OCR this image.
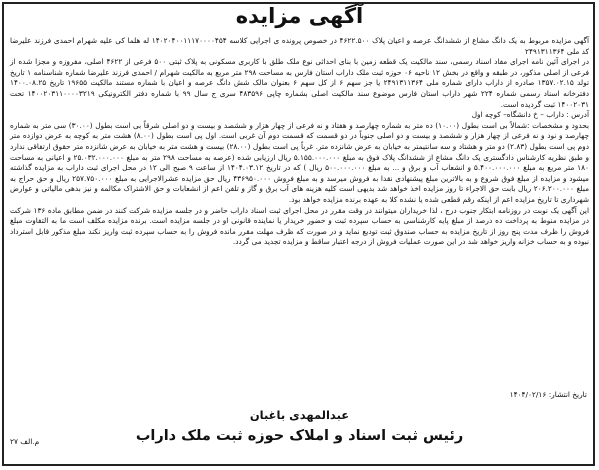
آگهی مزایده

آگهی مزایده مربوط به یک دانگ مشاع از ششدانگ عرصه و اعیان پلاک ۴۶۲۲.۵۰۰ در خصوص پرونده ی اجرایی کلاسه ۱۴۰۲۰۴۰۰۱۱۱۷۰۰۰۰۴۵۴ له هلما کی علیه شهرام احمدی فرزند علیرضا کد ملی ۲۴۹۱۳۱۱۳۶۴

در اجرای آئین نامه اجرای مفاد اسناد رسمی، سند مالکیت یک قطعه زمین با بنای احداثی نوع ملک طلق با کاربری مسکونی به پلاک ثبتی ۵۰۰ فرعی از ۴۶۲۲ اصلی، مفروزه و مجزا شده از فرعی از اصلی مذکور، در طبقه و واقع در بخش ۱۲ ناحیه ۰۶ حوزه ثبت ملک داراب استان فارس به مساحت ۲۹۸ متر مربع به مالکیت شهرام / احمدی فرزند علیرضا شماره شناسنامه ۱ تاریخ تولد ۱۳۵۷.۰۲.۱۵ صادره از داراب دارای شماره ملی ۲۴۹۱۳۱۱۳۶۴ یا جز سهم ۶ از کل سهم ۶ بعنوان مالک شش دانگ عرصه و اعیان با شماره مستند مالکیت ۱۹۶۵۵ تاریخ ۱۴۰۰.۰۸.۲۵ دفترخانه اسناد رسمی شماره ۲۲۴ شهر داراب استان فارس موضوع سند مالکیت اصلی بشماره چاپی ۴۸۳۵۹۶ سری ج سال ۹۹ با شماره دفتر الکترونیکی ۱۴۰۰۲۰۳۱۱۰۰۰۰۳۲۱۹ تحت ۱۴۰۰۲۰۳۱ ثبت گردیده است.

آدرس : داراب – خ دانشگاه– کوچه اول

بحدود و مشخصات :شمالاً بی است بطول (۱۰.۰۰) ده متر به شماره چهارصد و هفتاد و نه فرعی از چهار هزار و ششصد و بیست و دو اصلی شرقاً بی است بطول (۳۰.۰۰) سی متر به شماره چهارصد و نود و نه فرعی از چهار هزار و ششصد و بیست و دو اصلی جنوباً در دو قسمت که قسمت دوم آن غربی است. اول پی است بطول (۸.۰۰) هشت متر به کوچه به عرض دوازده متر دوم پی است بطول (۲.۸۳) دو متر و هشتاد و سه سانتیمتر به خیابان به عرض شانزده متر. غرباً پی است بطول (۲۸.۰۰) بیست و هشت متر به خیابان به عرض شانزده متر حقوق ارتفاقی ندارد و طبق نظریه کارشناس دادگستری یک دانگ مشاع از ششدانگ پلاک فوق به مبلغ ۵.۱۵۵.۰۰۰.۰۰۰ ریال ارزیابی شده (عرصه به مساحت ۲۹۸ متر به مبلغ ۲۵.۰۳۲.۰۰۰.۰۰۰ و اعیانی به مساحت ۱۸۰ متر مربع به مبلغ ۵.۴۰۰.۰۰۰.۰۰۰ و انشعاب آب و برق و ... به مبلغ ۵۰۰.۰۰۰.۰۰۰ ریال ) که در تاریخ ۱۴۰۴.۰۳.۱۲ از ساعت ۹ صبح الی ۱۲ در محل اجرای ثبت داراب به مزایده گذاشته میشود و مزایده از مبلغ فوق شروع و به بالاترین مبلغ پیشنهادی نقدا به فروش میرسد و به مبلغ فروش ۴۳۶۹۵۰.۰۰۰ ریال حق مزایده عشرالاجرایی به مبلغ ۲۵۷.۷۵۰.۰۰۰ ریال و حق حراج به مبلغ ۲۰۶.۲۰۰.۰۰۰ ریال بابت حق الاجراء تا روز مزایده اخذ خواهد شد بدیهی است کلیه هزینه های آب برق و گاز و تلفن اعم از انشعابات و حق الاشتراک مکالمه و نیز بدهی مالیاتی و عوارض شهرداری تا تاریخ مزایده اعم از اینکه رقم قطعی شده یا نشده کلا به عهده برنده مزایده خواهد بود.

این آگهی یک نوبت در روزنامه ابتکار جنوب درج ، لذا خریداران میتوانند در وقت مقرر در محل اجرای ثبت اسناد داراب حاضر و در جلسه مزایده شرکت کنند در ضمن مطابق ماده ۱۳۶ شرکت در مزایده منوط به پرداخت ده درصد از مبلغ پایه کارشناسی به حساب سپرده ثبت و حضور خریدار یا نماینده قانونی او در جلسه مزایده است. برنده مزایده مکلف است ما به التفاوت مبلغ فروش را ظرف مدت پنج روز از تاریخ مزایده به حساب صندوق ثبت تودیع نماید و در صورت که ظرف مهلت مقرر مانده فروش را به حساب سپرده ثبت واریز نکند مبلغ مذکور قابل استرداد نبوده و به حساب خزانه واریز خواهد شد در این صورت عملیات فروش از درجه اعتبار ساقط و مزایده تجدید می گردد.

تاریخ انتشار: ۱۴۰۴/۰۲/۱۶
عبدالمهدی باغبان
رئیس ثبت اسناد و املاک حوزه ثبت ملک داراب
م.الف ۲۷
